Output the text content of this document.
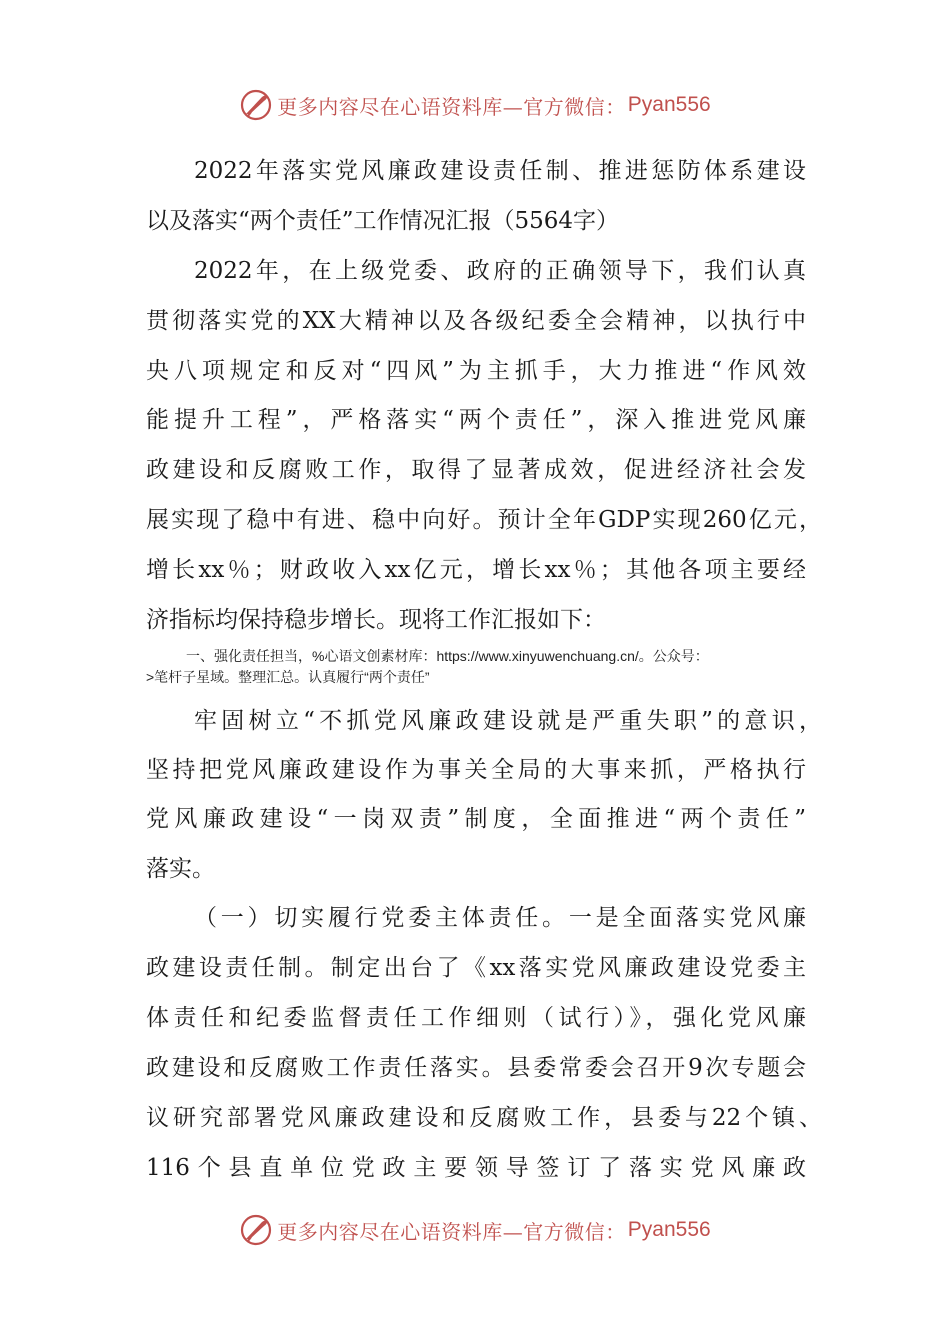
更多内容尽在心语资料库—官方微信： Pyan556
2022年落实党风廉政建设责任制、推进惩防体系建设
以及落实“两个责任”工作情况汇报（5564字）
2022年，在上级党委、政府的正确领导下，我们认真
贯彻落实党的XX大精神以及各级纪委全会精神，以执行中
央八项规定和反对“四风”为主抓手，大力推进“作风效
能提升工程”，严格落实“两个责任”，深入推进党风廉
政建设和反腐败工作，取得了显著成效，促进经济社会发
展实现了稳中有进、稳中向好。预计全年GDP实现260亿元，
增长xx％；财政收入xx亿元，增长xx％；其他各项主要经
济指标均保持稳步增长。现将工作汇报如下：
一、强化责任担当，%心语文创素材库：https://www.xinyuwenchuang.cn/。公众号：
>笔杆子星域。整理汇总。认真履行“两个责任”
牢固树立“不抓党风廉政建设就是严重失职”的意识，
坚持把党风廉政建设作为事关全局的大事来抓，严格执行
党风廉政建设“一岗双责”制度，全面推进“两个责任”
落实。
（一）切实履行党委主体责任。一是全面落实党风廉
政建设责任制。制定出台了《xx落实党风廉政建设党委主
体责任和纪委监督责任工作细则（试行）》，强化党风廉
政建设和反腐败工作责任落实。县委常委会召开9次专题会
议研究部署党风廉政建设和反腐败工作，县委与22个镇、
116个县直单位党政主要领导签订了落实党风廉政
更多内容尽在心语资料库—官方微信： Pyan556
